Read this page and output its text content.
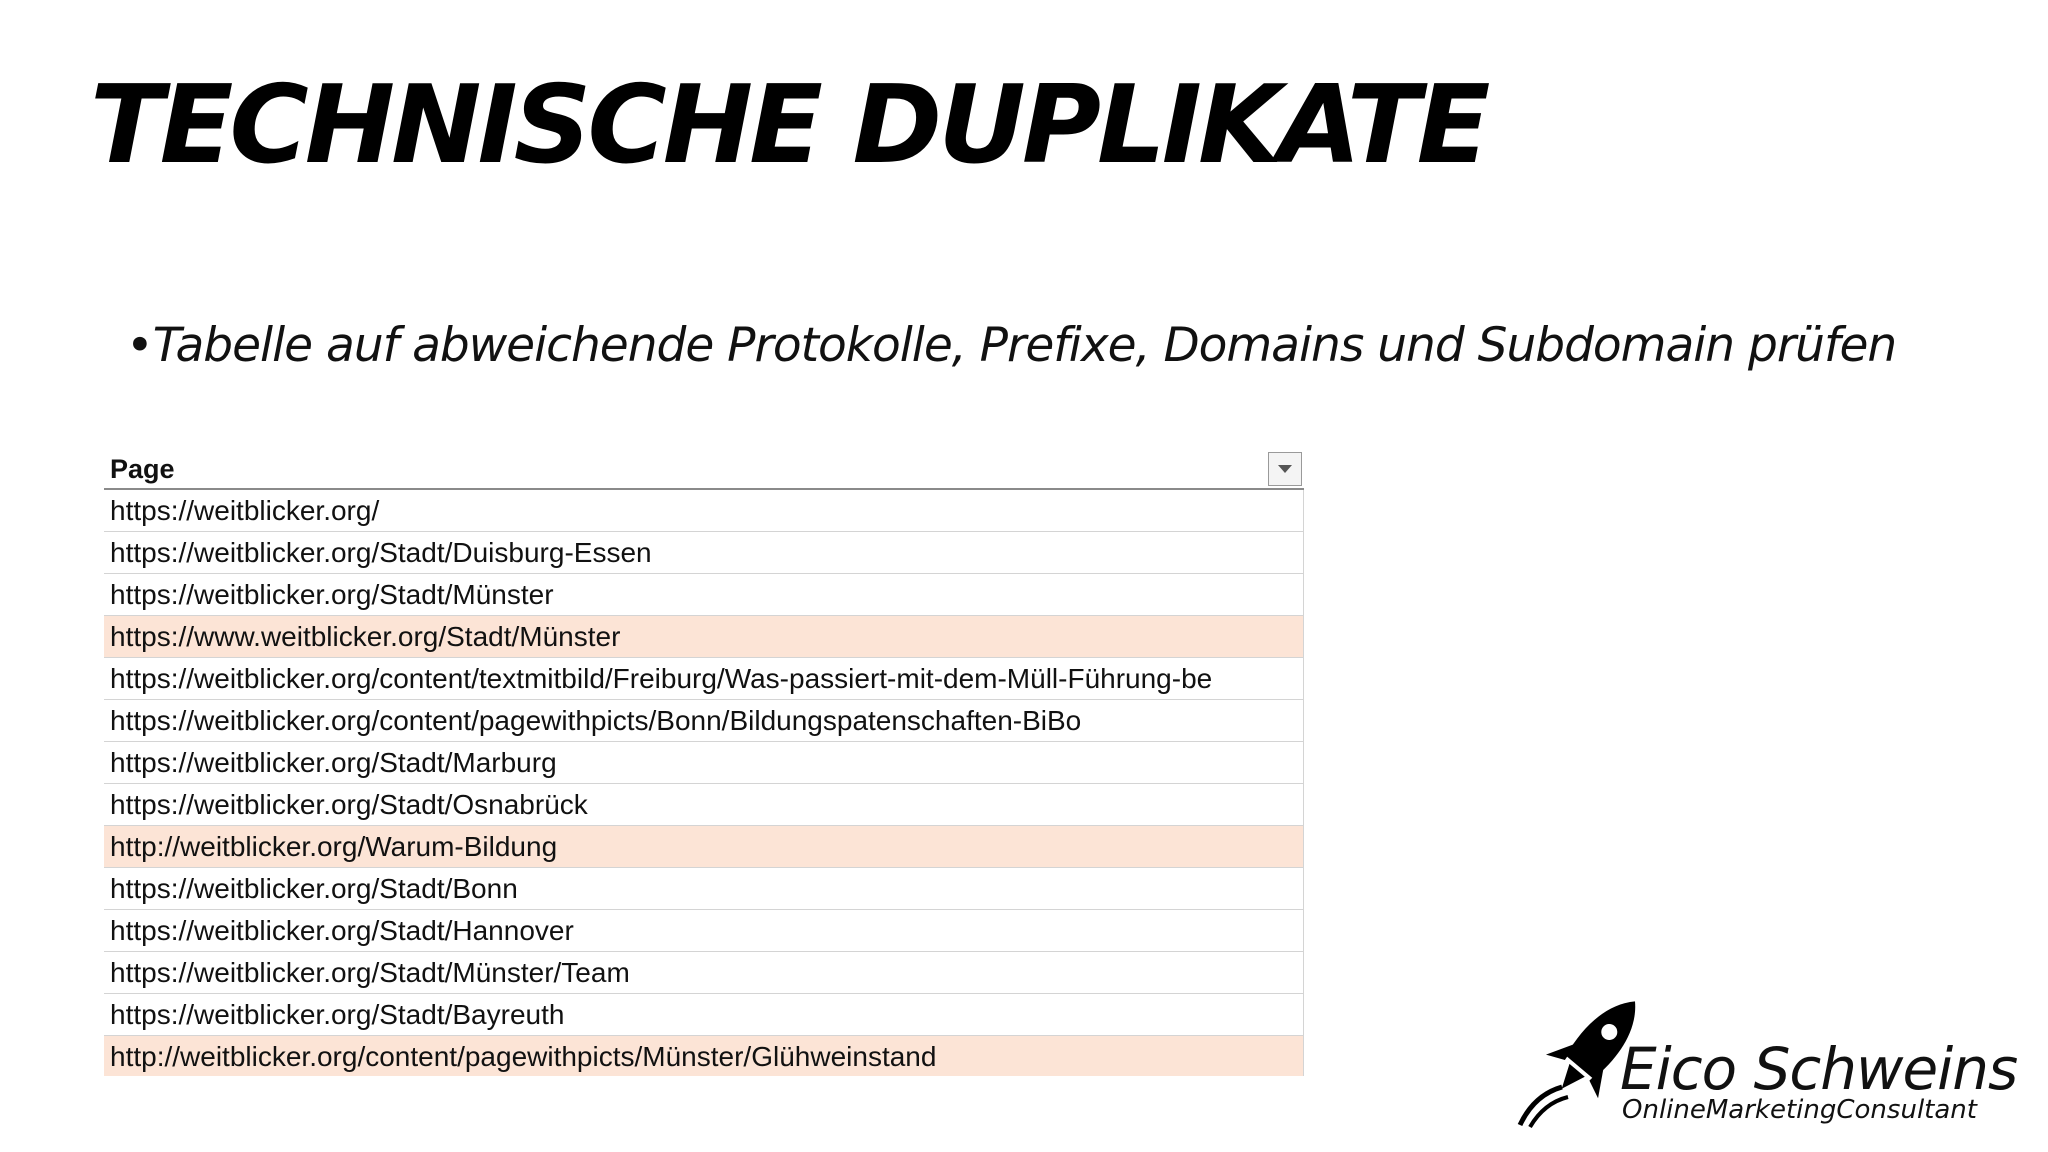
TECHNISCHE DUPLIKATE
•Tabelle auf abweichende Protokolle, Prefixe, Domains und Subdomain prüfen
Page
https://weitblicker.org/
https://weitblicker.org/Stadt/Duisburg-Essen
https://weitblicker.org/Stadt/Münster
https://www.weitblicker.org/Stadt/Münster
https://weitblicker.org/content/textmitbild/Freiburg/Was-passiert-mit-dem-Müll-Führung-be
https://weitblicker.org/content/pagewithpicts/Bonn/Bildungspatenschaften-BiBo
https://weitblicker.org/Stadt/Marburg
https://weitblicker.org/Stadt/Osnabrück
http://weitblicker.org/Warum-Bildung
https://weitblicker.org/Stadt/Bonn
https://weitblicker.org/Stadt/Hannover
https://weitblicker.org/Stadt/Münster/Team
https://weitblicker.org/Stadt/Bayreuth
http://weitblicker.org/content/pagewithpicts/Münster/Glühweinstand	Eico Schweins
OnlineMarketingConsultant
